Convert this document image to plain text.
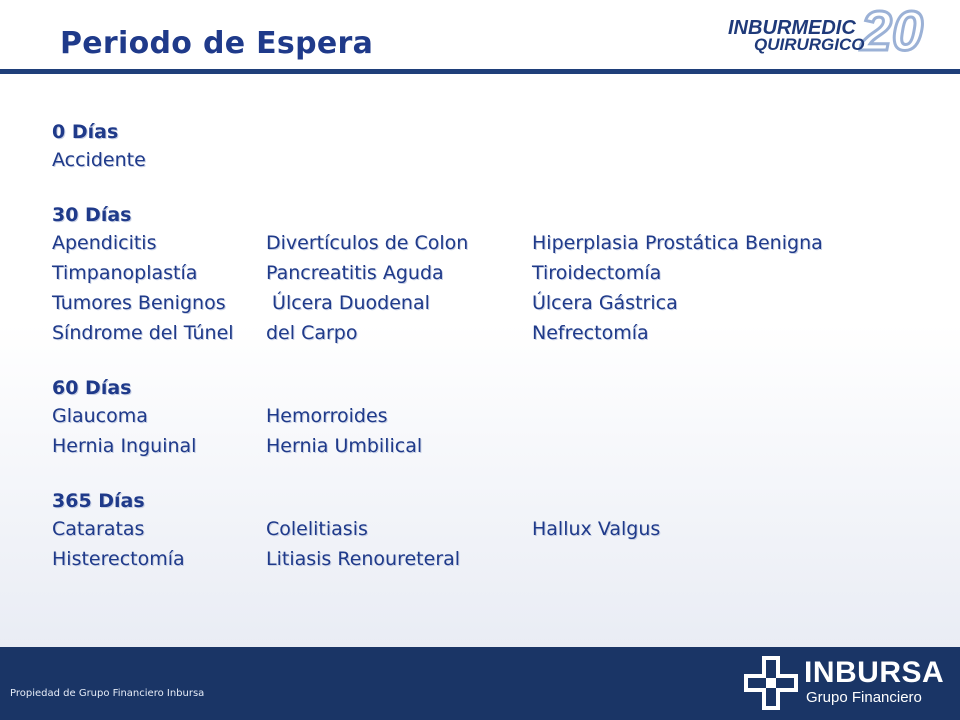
Periodo de Espera	20
INBURMEDIC
QUIRURGICO
0 Días
Accidente
30 Días
Apendicitis	Divertículos de Colon	Hiperplasia Prostática Benigna
Timpanoplastía	Pancreatitis Aguda	Tiroidectomía
Tumores Benignos	Úlcera Duodenal	Úlcera Gástrica
Síndrome del Túnel	del Carpo	Nefrectomía
60 Días
Glaucoma	Hemorroides
Hernia Inguinal	Hernia Umbilical
365 Días
Cataratas	Colelitiasis	Hallux Valgus
Histerectomía	Litiasis Renoureteral
Propiedad de Grupo Financiero Inbursa
INBURSA
Grupo Financiero
